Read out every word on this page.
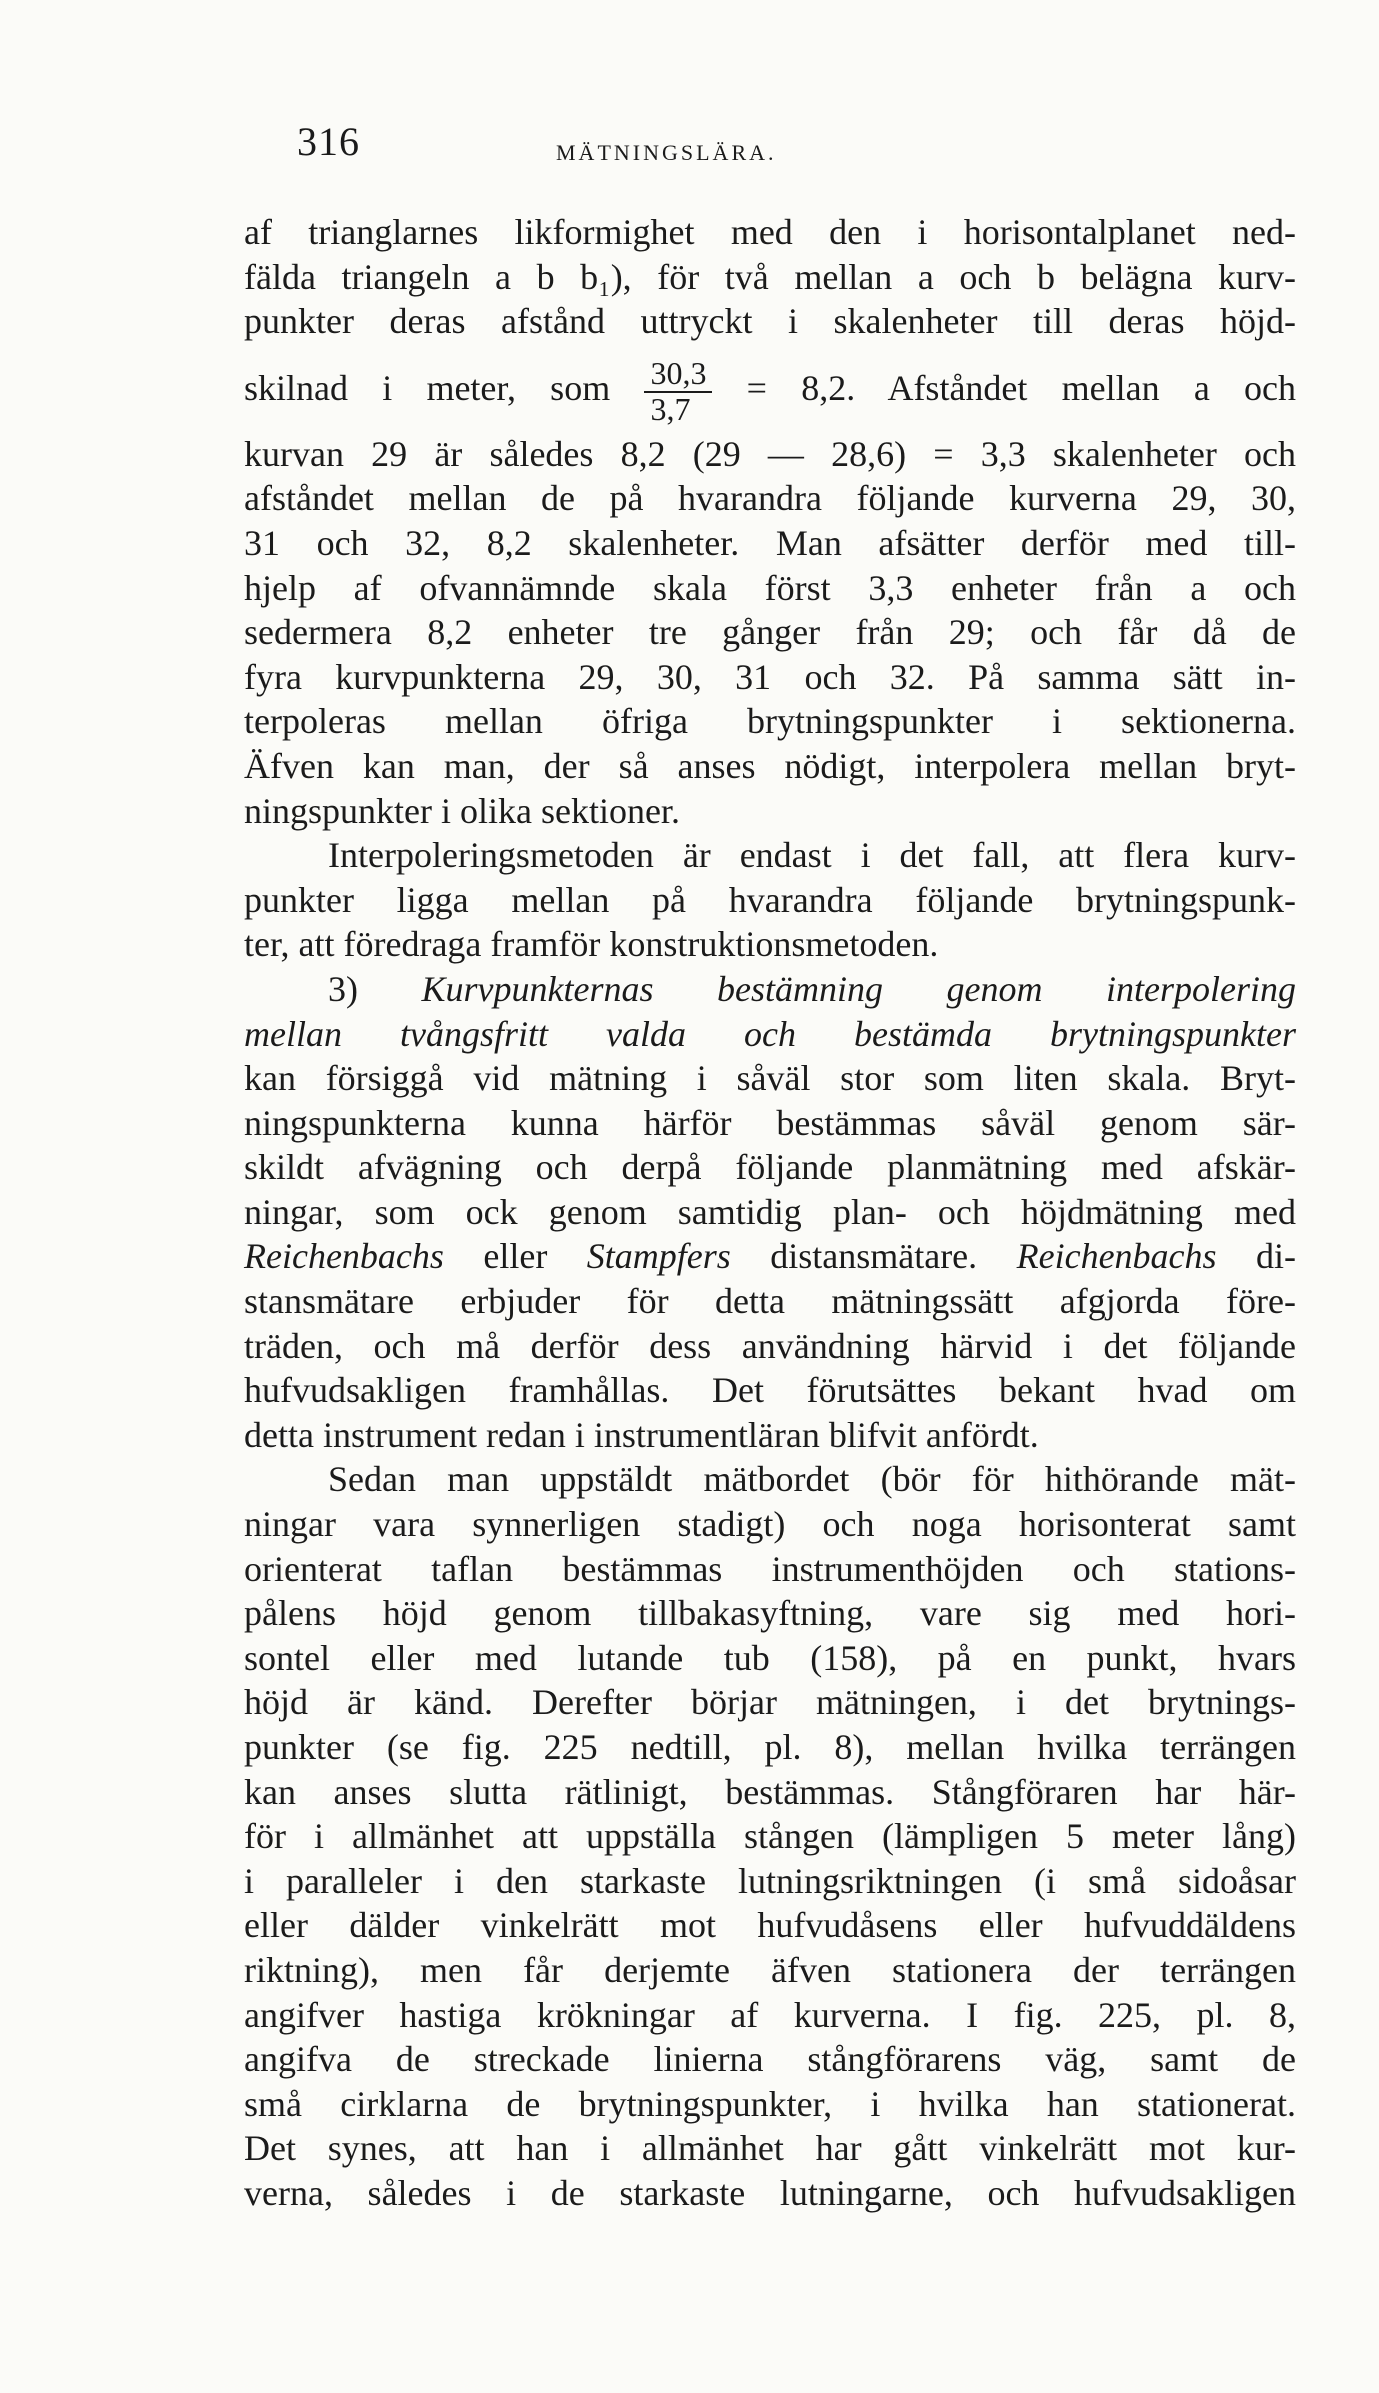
316	MÄTNINGSLÄRA.
af trianglarnes likformighet med den i horisontalplanet ned-
fälda triangeln a b b₁), för två mellan a och b belägna kurv-
punkter deras afstånd uttryckt i skalenheter till deras höjd-
skilnad i meter, som $\frac{30,3}{3,7} = 8,2$. Afståndet mellan a och
kurvan 29 är således 8,2 (29 — 28,6) = 3,3 skalenheter och
afståndet mellan de på hvarandra följande kurverna 29, 30,
31 och 32, 8,2 skalenheter. Man afsätter derför med till-
hjelp af ofvannämnde skala först 3,3 enheter från a och
sedermera 8,2 enheter tre gånger från 29; och får då de
fyra kurvpunkterna 29, 30, 31 och 32. På samma sätt in-
terpoleras mellan öfriga brytningspunkter i sektionerna.
Äfven kan man, der så anses nödigt, interpolera mellan bryt-
ningspunkter i olika sektioner.
Interpoleringsmetoden är endast i det fall, att flera kurv-
punkter ligga mellan på hvarandra följande brytningspunk-
ter, att föredraga framför konstruktionsmetoden.
3) Kurvpunkternas bestämning genom interpolering
mellan tvångsfritt valda och bestämda brytningspunkter
kan försiggå vid mätning i såväl stor som liten skala. Bryt-
ningspunkterna kunna härför bestämmas såväl genom sär-
skildt afvägning och derpå följande planmätning med afskär-
ningar, som ock genom samtidig plan- och höjdmätning med
Reichenbachs eller Stampfers distansmätare. Reichenbachs di-
stansmätare erbjuder för detta mätningssätt afgjorda före-
träden, och må derför dess användning härvid i det följande
hufvudsakligen framhållas. Det förutsättes bekant hvad om
detta instrument redan i instrumentläran blifvit anfördt.
Sedan man uppstäldt mätbordet (bör för hithörande mät-
ningar vara synnerligen stadigt) och noga horisonterat samt
orienterat taflan bestämmas instrumenthöjden och stations-
pålens höjd genom tillbakasyftning, vare sig med hori-
sontel eller med lutande tub (158), på en punkt, hvars
höjd är känd. Derefter börjar mätningen, i det brytnings-
punkter (se fig. 225 nedtill, pl. 8), mellan hvilka terrängen
kan anses slutta rätlinigt, bestämmas. Stångföraren har här-
för i allmänhet att uppställa stången (lämpligen 5 meter lång)
i paralleler i den starkaste lutningsriktningen (i små sidoåsar
eller dälder vinkelrätt mot hufvudåsens eller hufvuddäldens
riktning), men får derjemte äfven stationera der terrängen
angifver hastiga krökningar af kurverna. I fig. 225, pl. 8,
angifva de streckade linierna stångförarens väg, samt de
små cirklarna de brytningspunkter, i hvilka han stationerat.
Det synes, att han i allmänhet har gått vinkelrätt mot kur-
verna, således i de starkaste lutningarne, och hufvudsakligen
